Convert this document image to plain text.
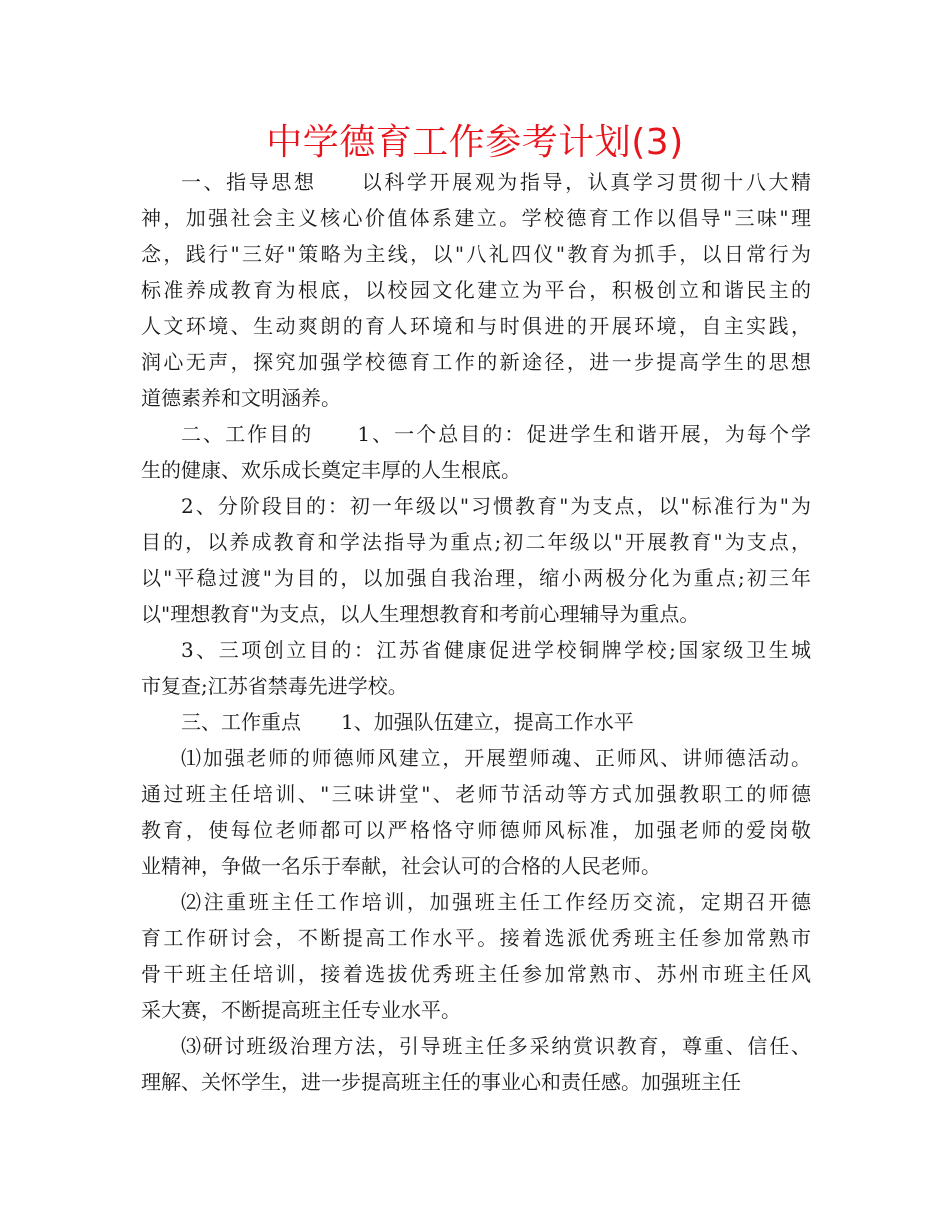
中学德育工作参考计划(3)
一、指导思想　　以科学开展观为指导，认真学习贯彻十八大精
神，加强社会主义核心价值体系建立。学校德育工作以倡导"三味"理
念，践行"三好"策略为主线，以"八礼四仪"教育为抓手，以日常行为
标准养成教育为根底，以校园文化建立为平台，积极创立和谐民主的
人文环境、生动爽朗的育人环境和与时俱进的开展环境，自主实践，
润心无声，探究加强学校德育工作的新途径，进一步提高学生的思想
道德素养和文明涵养。
二、工作目的　　1、一个总目的：促进学生和谐开展，为每个学
生的健康、欢乐成长奠定丰厚的人生根底。
2、分阶段目的：初一年级以"习惯教育"为支点，以"标准行为"为
目的，以养成教育和学法指导为重点;初二年级以"开展教育"为支点，
以"平稳过渡"为目的，以加强自我治理，缩小两极分化为重点;初三年
以"理想教育"为支点，以人生理想教育和考前心理辅导为重点。
3、三项创立目的：江苏省健康促进学校铜牌学校;国家级卫生城
市复查;江苏省禁毒先进学校。
三、工作重点　　1、加强队伍建立，提高工作水平
⑴加强老师的师德师风建立，开展塑师魂、正师风、讲师德活动。
通过班主任培训、"三味讲堂"、老师节活动等方式加强教职工的师德
教育，使每位老师都可以严格恪守师德师风标准，加强老师的爱岗敬
业精神，争做一名乐于奉献，社会认可的合格的人民老师。
⑵注重班主任工作培训，加强班主任工作经历交流，定期召开德
育工作研讨会，不断提高工作水平。接着选派优秀班主任参加常熟市
骨干班主任培训，接着选拔优秀班主任参加常熟市、苏州市班主任风
采大赛，不断提高班主任专业水平。
⑶研讨班级治理方法，引导班主任多采纳赏识教育，尊重、信任、
理解、关怀学生，进一步提高班主任的事业心和责任感。加强班主任
